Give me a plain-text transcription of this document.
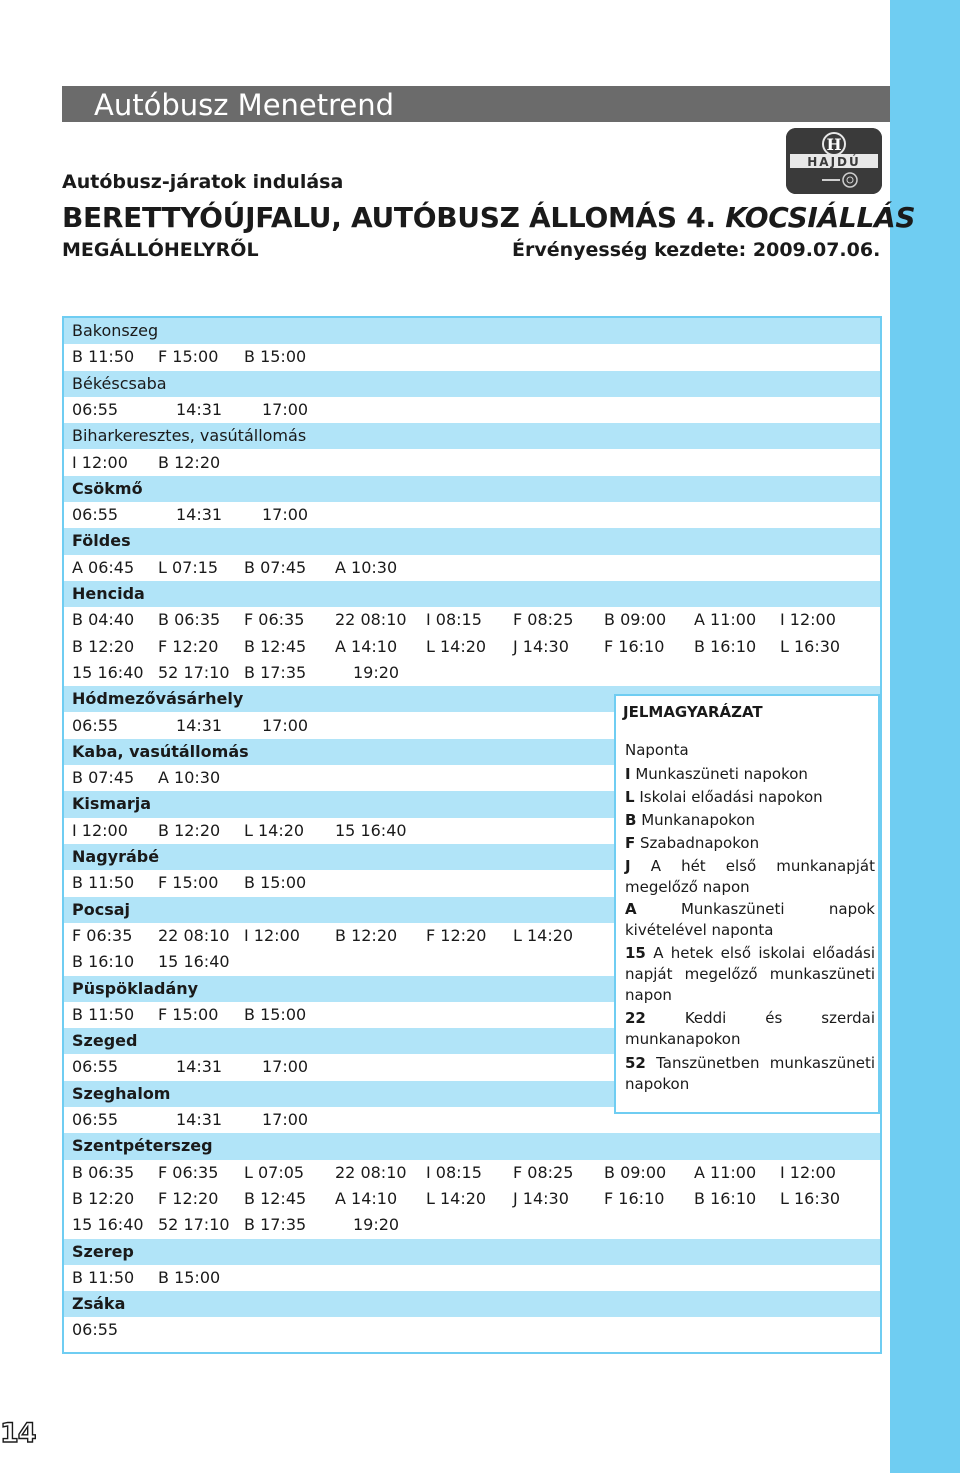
Autóbusz Menetrend
H
HAJDÚ
Autóbusz-járatok indulása
BERETTYÓÚJFALU, AUTÓBUSZ ÁLLOMÁS 4. KOCSIÁLLÁS
MEGÁLLÓHELYRŐL	Érvényesség kezdete: 2009.07.06.
Bakonszeg
B 11:50 F 15:00 B 15:00
Békéscsaba
06:55	14:31 17:00
Biharkeresztes, vasútállomás
I 12:00 B 12:20
Csökmő
06:55	14:31 17:00
Földes
A 06:45 L 07:15 B 07:45 A 10:30
Hencida
B 04:40 B 06:35 F 06:35 22 08:10 I 08:15 F 08:25 B 09:00 A 11:00 I 12:00
B 12:20 F 12:20 B 12:45 A 14:10 L 14:20 J 14:30 F 16:10 B 16:10 L 16:30
15 16:40 52 17:10 B 17:35	19:20
Hódmezővásárhely
06:55	14:31 17:00
Kaba, vasútállomás
B 07:45 A 10:30
Kismarja
I 12:00 B 12:20 L 14:20 15 16:40
Nagyrábé
B 11:50 F 15:00 B 15:00
Pocsaj
F 06:35 22 08:10 I 12:00 B 12:20 F 12:20 L 14:20
B 16:10 15 16:40
Püspökladány
B 11:50 F 15:00 B 15:00
Szeged
06:55	14:31 17:00
Szeghalom
06:55	14:31 17:00
Szentpéterszeg
B 06:35 F 06:35 L 07:05 22 08:10 I 08:15 F 08:25 B 09:00 A 11:00 I 12:00
B 12:20 F 12:20 B 12:45 A 14:10 L 14:20 J 14:30 F 16:10 B 16:10 L 16:30
15 16:40 52 17:10 B 17:35	19:20
Szerep
B 11:50 B 15:00
Zsáka
06:55
JELMAGYARÁZAT
Naponta
I Munkaszüneti napokon
L Iskolai előadási napokon
B Munkanapokon
F Szabadnapokon
J A hét első munkanapját megelőző napon
A Munkaszüneti napok kivételével naponta
15 A hetek első iskolai előadási napját megelőző munkaszüneti napon
22 Keddi és szerdai munkanapokon
52 Tanszünetben munkaszüneti napokon
14
